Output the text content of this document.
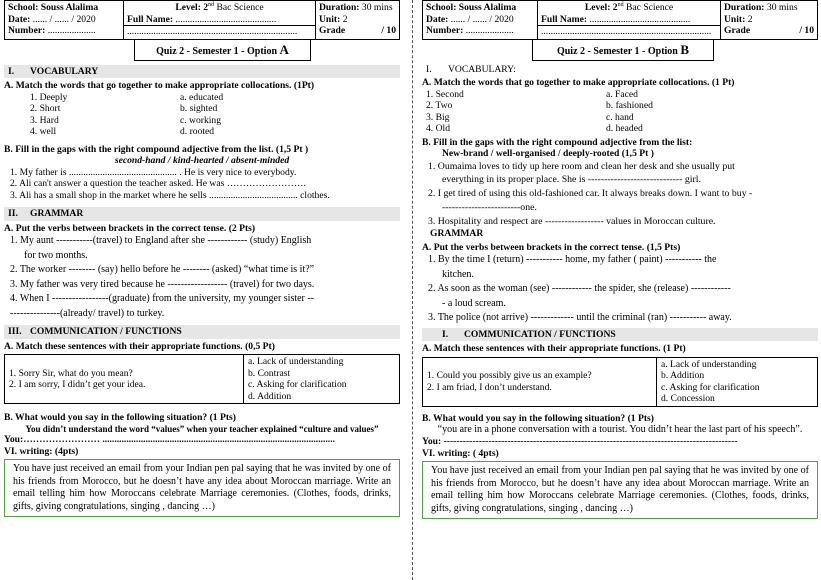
School: Souss Alalima
Date: ...... / ...... / 2020
Number: ....................

Level: 2nd Bac Science
Full Name: ..........................................
.......................................................................

Duration: 30 mins
Unit: 2
Grade	/ 10
Quiz 2 - Semester 1 - Option A
I. VOCABULARY
A. Match the words that go together to make appropriate collocations. (1Pt)
1. Deeply	a. educated
2. Short	b. sighted
3. Hard	c. working
4. well	d. rooted
B. Fill in the gaps with the right compound adjective from the list. (1,5 Pt )
second-hand / kind-hearted / absent-minded
1. My father is ............................................. . He is very nice to everybody.
2. Ali can't answer a question the teacher asked. He was …………………….
3. Ali has a small shop in the market where he sells ..................................... clothes.
II. GRAMMAR
A. Put the verbs between brackets in the correct tense. (2 Pts)
1. My aunt -----------(travel) to England after she ------------ (study) English
for two months.
2. The worker -------- (say) hello before he -------- (asked) “what time is it?”
3. My father was very tired because he ------------------ (travel) for two days.
4. When I -----------------(graduate) from the university, my younger sister --
---------------(already/ travel) to turkey.
III. COMMUNICATION / FUNCTIONS
A. Match these sentences with their appropriate functions. (0,5 Pt)
1. Sorry Sir, what do you mean?
2. I am sorry, I didn’t get your idea.

a. Lack of understanding
b. Contrast
c. Asking for clarification
d. Addition
B. What would you say in the following situation? (1 Pts)
You didn’t understand the word “values” when your teacher explained “culture and values”
You:…………………… .................................................................................................
VI. writing: (4pts)
You have just received an email from your Indian pen pal saying that he was invited by one of his friends from Morocco, but he doesn’t have any idea about Moroccan marriage. Write an email telling him how Moroccans celebrate Marriage ceremonies. (Clothes, foods, drinks, gifts, giving congratulations, singing , dancing …)
School: Souss Alalima
Date: ...... / ...... / 2020
Number: ....................

Level: 2nd Bac Science
Full Name: ..........................................
.......................................................................

Duration: 30 mins
Unit: 2
Grade	/ 10
Quiz 2 - Semester 1 - Option B
I. VOCABULARY:
A. Match the words that go together to make appropriate collocations. (1 Pt)
1. Second	a. Faced
2. Two	b. fashioned
3. Big	c. hand
4. Old	d. headed
B. Fill in the gaps with the right compound adjective from the list:
New-brand / well-organised / deeply-rooted (1,5 Pt )
1. Oumaima loves to tidy up here room and clean her desk and she usually put
everything in its proper place. She is ----------------------------- girl.
2. I get tired of using this old-fashioned car. It always breaks down. I want to buy -
------------------------one.
3. Hospitality and respect are ------------------ values in Moroccan culture.
GRAMMAR
A. Put the verbs between brackets in the correct tense. (1,5 Pts)
1. By the time I (return) ----------- home, my father ( paint) ----------- the
kitchen.
2. As soon as the woman (see) ------------ the spider, she (release) ------------
- a loud scream.
3. The police (not arrive) ------------- until the criminal (ran) ----------- away.
I. COMMUNICATION / FUNCTIONS
A. Match these sentences with their appropriate functions. (1 Pt)
1. Could you possibly give us an example?
2. I am friad, I don’t understand.

a. Lack of understanding
b. Addition
c. Asking for clarification
d. Concession
B. What would you say in the following situation? (1 Pts)
“you are in a phone conversation with a tourist. You didn’t hear the last part of his speech”.
You: --------------------------------------------------------------------------------------------
VI. writing: ( 4pts)
You have just received an email from your Indian pen pal saying that he was invited by one of his friends from Morocco, but he doesn’t have any idea about Moroccan marriage. Write an email telling him how Moroccans celebrate Marriage ceremonies. (Clothes, foods, drinks, gifts, giving congratulations, singing , dancing …)
